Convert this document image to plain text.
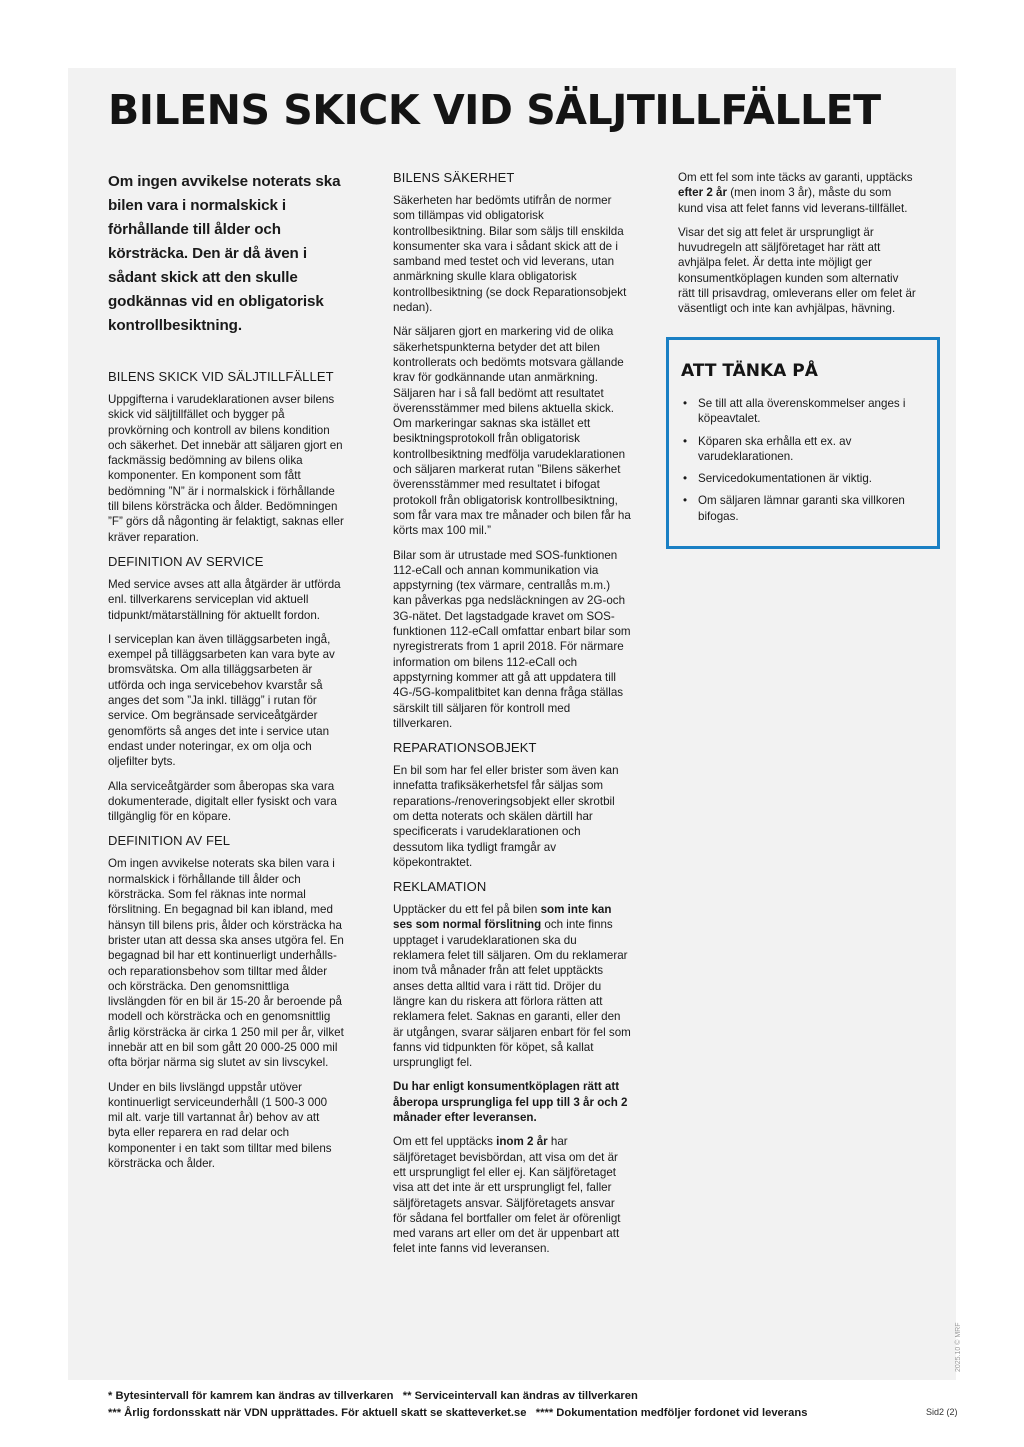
BILENS SKICK VID SÄLJTILLFÄLLET

Om ingen avvikelse noterats ska bilen vara i normalskick i förhållande till ålder och körsträcka. Den är då även i sådant skick att den skulle godkännas vid en obligatorisk kontrollbesiktning.

BILENS SKICK VID SÄLJTILLFÄLLET

Uppgifterna i varudeklarationen avser bilens skick vid säljtillfället och bygger på provkörning och kontroll av bilens kondition och säkerhet. Det innebär att säljaren gjort en fackmässig bedömning av bilens olika komponenter. En komponent som fått bedömning ”N” är i normalskick i förhållande till bilens körsträcka och ålder. Bedömningen ”F” görs då någonting är felaktigt, saknas eller kräver reparation.

DEFINITION AV SERVICE

Med service avses att alla åtgärder är utförda enl. tillverkarens serviceplan vid aktuell tidpunkt/mätarställning för aktuellt fordon.

I serviceplan kan även tilläggsarbeten ingå, exempel på tilläggsarbeten kan vara byte av bromsvätska. Om alla tilläggsarbeten är utförda och inga servicebehov kvarstår så anges det som ”Ja inkl. tillägg” i rutan för service. Om begränsade serviceåtgärder genomförts så anges det inte i service utan endast under noteringar, ex om olja och oljefilter byts.

Alla serviceåtgärder som åberopas ska vara dokumenterade, digitalt eller fysiskt och vara tillgänglig för en köpare.

DEFINITION AV FEL

Om ingen avvikelse noterats ska bilen vara i normalskick i förhållande till ålder och körsträcka. Som fel räknas inte normal förslitning. En begagnad bil kan ibland, med hänsyn till bilens pris, ålder och körsträcka ha brister utan att dessa ska anses utgöra fel. En begagnad bil har ett kontinuerligt underhålls- och reparationsbehov som tilltar med ålder och körsträcka. Den genomsnittliga livslängden för en bil är 15-20 år beroende på modell och körsträcka och en genomsnittlig årlig körsträcka är cirka 1 250 mil per år, vilket innebär att en bil som gått 20 000-25 000 mil ofta börjar närma sig slutet av sin livscykel.

Under en bils livslängd uppstår utöver kontinuerligt serviceunderhåll (1 500-3 000 mil alt. varje till vartannat år) behov av att byta eller reparera en rad delar och komponenter i en takt som tilltar med bilens körsträcka och ålder.

BILENS SÄKERHET

Säkerheten har bedömts utifrån de normer som tillämpas vid obligatorisk kontrollbesiktning. Bilar som säljs till enskilda konsumenter ska vara i sådant skick att de i samband med testet och vid leverans, utan anmärkning skulle klara obligatorisk kontrollbesiktning (se dock Reparationsobjekt nedan).

När säljaren gjort en markering vid de olika säkerhetspunkterna betyder det att bilen kontrollerats och bedömts motsvara gällande krav för godkännande utan anmärkning. Säljaren har i så fall bedömt att resultatet överensstämmer med bilens aktuella skick. Om markeringar saknas ska istället ett besiktningsprotokoll från obligatorisk kontrollbesiktning medfölja varudeklarationen och säljaren markerat rutan ”Bilens säkerhet överensstämmer med resultatet i bifogat protokoll från obligatorisk kontrollbesiktning, som får vara max tre månader och bilen får ha körts max 100 mil.”

Bilar som är utrustade med SOS-funktionen 112-eCall och annan kommunikation via appstyrning (tex värmare, centrallås m.m.) kan påverkas pga nedsläckningen av 2G-och 3G-nätet. Det lagstadgade kravet om SOS-funktionen 112-eCall omfattar enbart bilar som nyregistrerats from 1 april 2018. För närmare information om bilens 112-eCall och appstyrning kommer att gå att uppdatera till 4G-/5G-kompalitbitet kan denna fråga ställas särskilt till säljaren för kontroll med tillverkaren.

REPARATIONSOBJEKT

En bil som har fel eller brister som även kan innefatta trafiksäkerhetsfel får säljas som reparations-/renoveringsobjekt eller skrotbil om detta noterats och skälen därtill har specificerats i varudeklarationen och dessutom lika tydligt framgår av köpekontraktet.

REKLAMATION

Upptäcker du ett fel på bilen som inte kan ses som normal förslitning och inte finns upptaget i varudeklarationen ska du reklamera felet till säljaren. Om du reklamerar inom två månader från att felet upptäckts anses detta alltid vara i rätt tid. Dröjer du längre kan du riskera att förlora rätten att reklamera felet. Saknas en garanti, eller den är utgången, svarar säljaren enbart för fel som fanns vid tidpunkten för köpet, så kallat ursprungligt fel.

Du har enligt konsumentköplagen rätt att åberopa ursprungliga fel upp till 3 år och 2 månader efter leveransen.

Om ett fel upptäcks inom 2 år har säljföretaget bevisbördan, att visa om det är ett ursprungligt fel eller ej. Kan säljföretaget visa att det inte är ett ursprungligt fel, faller säljföretagets ansvar. Säljföretagets ansvar för sådana fel bortfaller om felet är oförenligt med varans art eller om det är uppenbart att felet inte fanns vid leveransen.

Om ett fel som inte täcks av garanti, upptäcks efter 2 år (men inom 3 år), måste du som kund visa att felet fanns vid leverans-tillfället.

Visar det sig att felet är ursprungligt är huvudregeln att säljföretaget har rätt att avhjälpa felet. Är detta inte möjligt ger konsumentköplagen kunden som alternativ rätt till prisavdrag, omleverans eller om felet är väsentligt och inte kan avhjälpas, hävning.

ATT TÄNKA PÅ
• Se till att alla överenskommelser anges i köpeavtalet.
• Köparen ska erhålla ett ex. av varudeklarationen.
• Servicedokumentationen är viktig.
• Om säljaren lämnar garanti ska villkoren bifogas.
* Bytesintervall för kamrem kan ändras av tillverkaren   ** Serviceintervall kan ändras av tillverkaren
*** Årlig fordonsskatt när VDN upprättades. För aktuell skatt se skatteverket.se   **** Dokumentation medföljer fordonet vid leverans	Sid2 (2)
2025.10 © MRF
